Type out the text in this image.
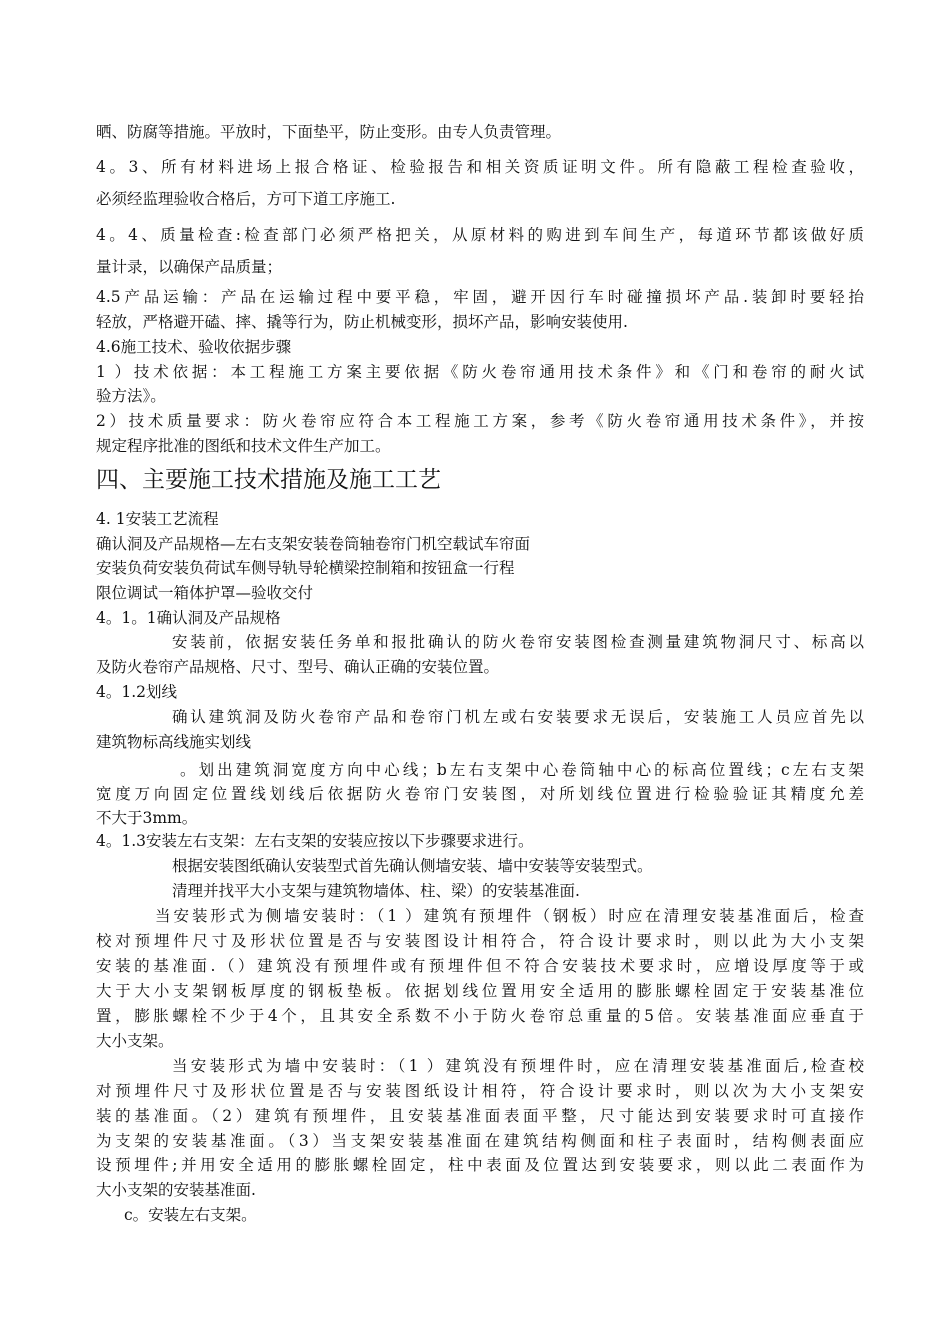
晒、防腐等措施。平放时，下面垫平，防止变形。由专人负责管理。

4。3、所有材料进场上报合格证、检验报告和相关资质证明文件。所有隐蔽工程检查验收，

必须经监理验收合格后，方可下道工序施工.

4。4、质量检查:检查部门必须严格把关，从原材料的购进到车间生产，每道环节都该做好质

量计录，以确保产品质量；

4.5产品运输：产品在运输过程中要平稳，牢固，避开因行车时碰撞损坏产品.装卸时要轻抬

轻放，严格避开磕、摔、撬等行为，防止机械变形，损坏产品，影响安装使用.

4.6施工技术、验收依据步骤

1 ）技术依据：本工程施工方案主要依据《防火卷帘通用技术条件》和《门和卷帘的耐火试

验方法》。

2）技术质量要求：防火卷帘应符合本工程施工方案，参考《防火卷帘通用技术条件》，并按

规定程序批准的图纸和技术文件生产加工。

四、主要施工技术措施及施工工艺

4. 1安装工艺流程

确认洞及产品规格—左右支架安装卷筒轴卷帘门机空载试车帘面

安装负荷安装负荷试车侧导轨导轮横梁控制箱和按钮盒一行程

限位调试一箱体护罩—验收交付

4。1。1确认洞及产品规格

安装前，依据安装任务单和报批确认的防火卷帘安装图检查测量建筑物洞尺寸、标高以

及防火卷帘产品规格、尺寸、型号、确认正确的安装位置。

4。1.2划线

确认建筑洞及防火卷帘产品和卷帘门机左或右安装要求无误后，安装施工人员应首先以

建筑物标高线施实划线

。划出建筑洞宽度方向中心线；b左右支架中心卷筒轴中心的标高位置线；c左右支架

宽度万向固定位置线划线后依据防火卷帘门安装图，对所划线位置进行检验验证其精度允差

不大于3mm。

4。1.3安装左右支架：左右支架的安装应按以下步骤要求进行。

根据安装图纸确认安装型式首先确认侧墙安装、墙中安装等安装型式。

清理并找平大小支架与建筑物墙体、柱、梁）的安装基准面.

当安装形式为侧墙安装时：（1 ）建筑有预埋件（钢板）时应在清理安装基准面后，检查

校对预埋件尺寸及形状位置是否与安装图设计相符合，符合设计要求时，则以此为大小支架

安装的基准面.（）建筑没有预埋件或有预埋件但不符合安装技术要求时，应增设厚度等于或

大于大小支架钢板厚度的钢板垫板。依据划线位置用安全适用的膨胀螺栓固定于安装基准位

置，膨胀螺栓不少于4个，且其安全系数不小于防火卷帘总重量的5倍。安装基准面应垂直于

大小支架。

当安装形式为墙中安装时：（1 ）建筑没有预埋件时，应在清理安装基准面后,检查校

对预埋件尺寸及形状位置是否与安装图纸设计相符，符合设计要求时，则以次为大小支架安

装的基准面。（2）建筑有预埋件，且安装基准面表面平整，尺寸能达到安装要求时可直接作

为支架的安装基准面。（3）当支架安装基准面在建筑结构侧面和柱子表面时，结构侧表面应

设预埋件;并用安全适用的膨胀螺栓固定，柱中表面及位置达到安装要求，则以此二表面作为

大小支架的安装基准面.

c。安装左右支架。
